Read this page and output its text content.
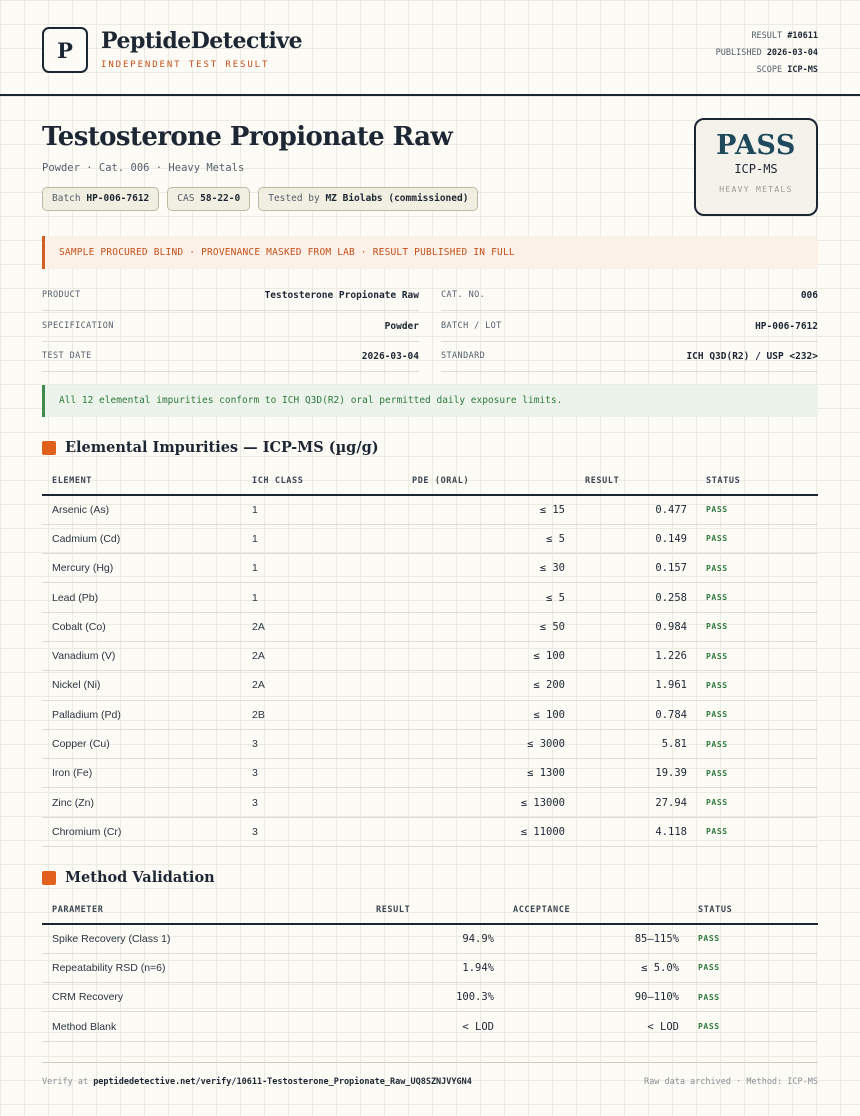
P	PeptideDetective
INDEPENDENT TEST RESULT
RESULT #10611
PUBLISHED 2026-03-04
SCOPE ICP-MS
Testosterone Propionate Raw
Powder · Cat. 006 · Heavy Metals
Batch HP-006-7612	CAS 58-22-0	Tested by MZ Biolabs (commissioned)
PASS
ICP-MS
HEAVY METALS
SAMPLE PROCURED BLIND · PROVENANCE MASKED FROM LAB · RESULT PUBLISHED IN FULL
PRODUCT	Testosterone Propionate Raw	CAT. NO.	006
SPECIFICATION	Powder	BATCH / LOT	HP-006-7612
TEST DATE	2026-03-04	STANDARD	ICH Q3D(R2) / USP <232>
All 12 elemental impurities conform to ICH Q3D(R2) oral permitted daily exposure limits.
Elemental Impurities — ICP-MS (µg/g)
ELEMENT	ICH CLASS	PDE (ORAL)	RESULT	STATUS
Arsenic (As)	1	≤ 15	0.477	PASS
Cadmium (Cd)	1	≤ 5	0.149	PASS
Mercury (Hg)	1	≤ 30	0.157	PASS
Lead (Pb)	1	≤ 5	0.258	PASS
Cobalt (Co)	2A	≤ 50	0.984	PASS
Vanadium (V)	2A	≤ 100	1.226	PASS
Nickel (Ni)	2A	≤ 200	1.961	PASS
Palladium (Pd)	2B	≤ 100	0.784	PASS
Copper (Cu)	3	≤ 3000	5.81	PASS
Iron (Fe)	3	≤ 1300	19.39	PASS
Zinc (Zn)	3	≤ 13000	27.94	PASS
Chromium (Cr)	3	≤ 11000	4.118	PASS
Method Validation
PARAMETER	RESULT	ACCEPTANCE	STATUS
Spike Recovery (Class 1)	94.9%	85–115%	PASS
Repeatability RSD (n=6)	1.94%	≤ 5.0%	PASS
CRM Recovery	100.3%	90–110%	PASS
Method Blank	< LOD	< LOD	PASS
Verify at peptidedetective.net/verify/10611-Testosterone_Propionate_Raw_UQ8SZNJVYGN4	Raw data archived · Method: ICP-MS
